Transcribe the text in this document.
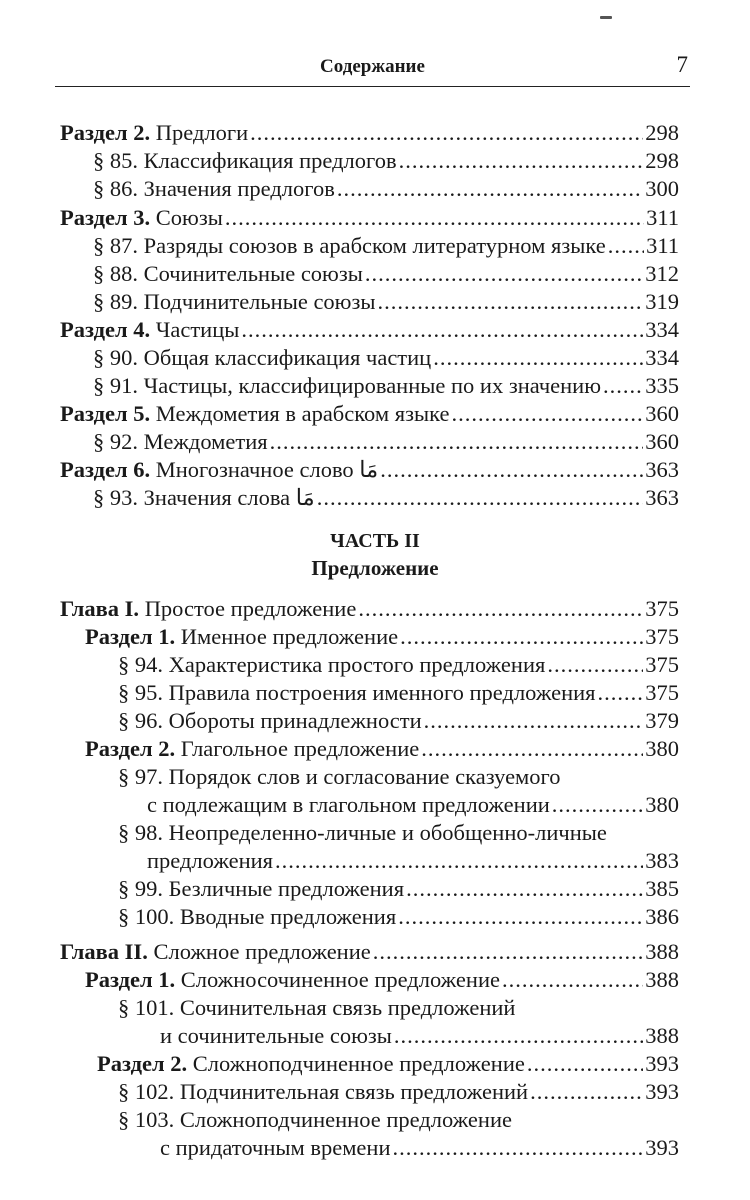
Содержание	7
Раздел 2. Предлоги .....	298
§ 85. Классификация предлогов .....	298
§ 86. Значения предлогов .....	300
Раздел 3. Союзы .....	311
§ 87. Разряды союзов в арабском литературном языке ..... 311
§ 88. Сочинительные союзы .....	312
§ 89. Подчинительные союзы .....	319
Раздел 4. Частицы .....	334
§ 90. Общая классификация частиц .....	334
§ 91. Частицы, классифицированные по их значению ..... 335
Раздел 5. Междометия в арабском языке .....	360
§ 92. Междометия .....	360
Раздел 6. Многозначное слово مَا .....	363
§ 93. Значения слова مَا .....	363
ЧАСТЬ II
Предложение
Глава I. Простое предложение .....	375
Раздел 1. Именное предложение .....	375
§ 94. Характеристика простого предложения .....	375
§ 95. Правила построения именного предложения ..... 375
§ 96. Обороты принадлежности .....	379
Раздел 2. Глагольное предложение .....	380
§ 97. Порядок слов и согласование сказуемого
с подлежащим в глагольном предложении .....	380
§ 98. Неопределенно-личные и обобщенно-личные
предложения .....	383
§ 99. Безличные предложения .....	385
§ 100. Вводные предложения .....	386
Глава II. Сложное предложение .....	388
Раздел 1. Сложносочиненное предложение .....	388
§ 101. Сочинительная связь предложений
и сочинительные союзы .....	388
Раздел 2. Сложноподчиненное предложение .....	393
§ 102. Подчинительная связь предложений .....	393
§ 103. Сложноподчиненное предложение
с придаточным времени .....	393
